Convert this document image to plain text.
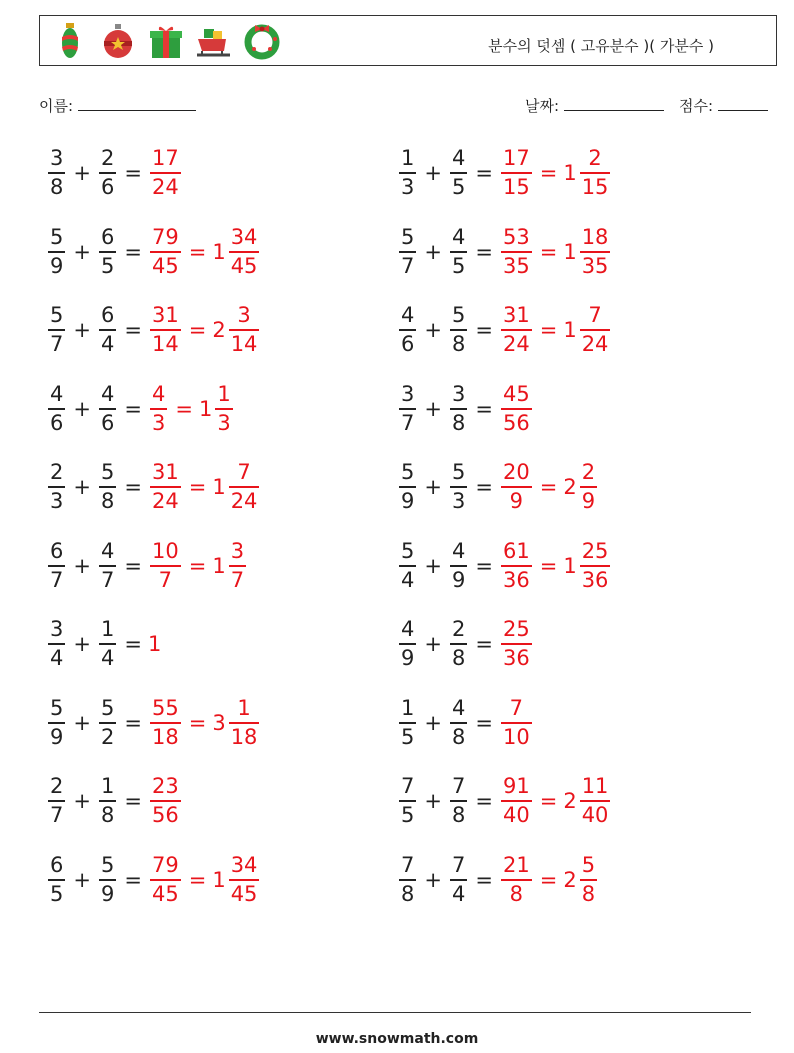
분수의 덧셈 ( 고유분수 )( 가분수 )
이름:	날짜:	점수:
$\frac{3}{8} + \frac{2}{6} = \frac{17}{24}$
$\frac{5}{9} + \frac{6}{5} = \frac{79}{45} = 1 \frac{34}{45}$
$\frac{5}{7} + \frac{6}{4} = \frac{31}{14} = 2 \frac{3}{14}$
$\frac{4}{6} + \frac{4}{6} = \frac{4}{3} = 1 \frac{1}{3}$
$\frac{2}{3} + \frac{5}{8} = \frac{31}{24} = 1 \frac{7}{24}$
$\frac{6}{7} + \frac{4}{7} = \frac{10}{7} = 1 \frac{3}{7}$
$\frac{3}{4} + \frac{1}{4} = 1$
$\frac{5}{9} + \frac{5}{2} = \frac{55}{18} = 3 \frac{1}{18}$
$\frac{2}{7} + \frac{1}{8} = \frac{23}{56}$
$\frac{6}{5} + \frac{5}{9} = \frac{79}{45} = 1 \frac{34}{45}$
$\frac{1}{3} + \frac{4}{5} = \frac{17}{15} = 1 \frac{2}{15}$
$\frac{5}{7} + \frac{4}{5} = \frac{53}{35} = 1 \frac{18}{35}$
$\frac{4}{6} + \frac{5}{8} = \frac{31}{24} = 1 \frac{7}{24}$
$\frac{3}{7} + \frac{3}{8} = \frac{45}{56}$
$\frac{5}{9} + \frac{5}{3} = \frac{20}{9} = 2 \frac{2}{9}$
$\frac{5}{4} + \frac{4}{9} = \frac{61}{36} = 1 \frac{25}{36}$
$\frac{4}{9} + \frac{2}{8} = \frac{25}{36}$
$\frac{1}{5} + \frac{4}{8} = \frac{7}{10}$
$\frac{7}{5} + \frac{7}{8} = \frac{91}{40} = 2 \frac{11}{40}$
$\frac{7}{8} + \frac{7}{4} = \frac{21}{8} = 2 \frac{5}{8}$
www.snowmath.com
